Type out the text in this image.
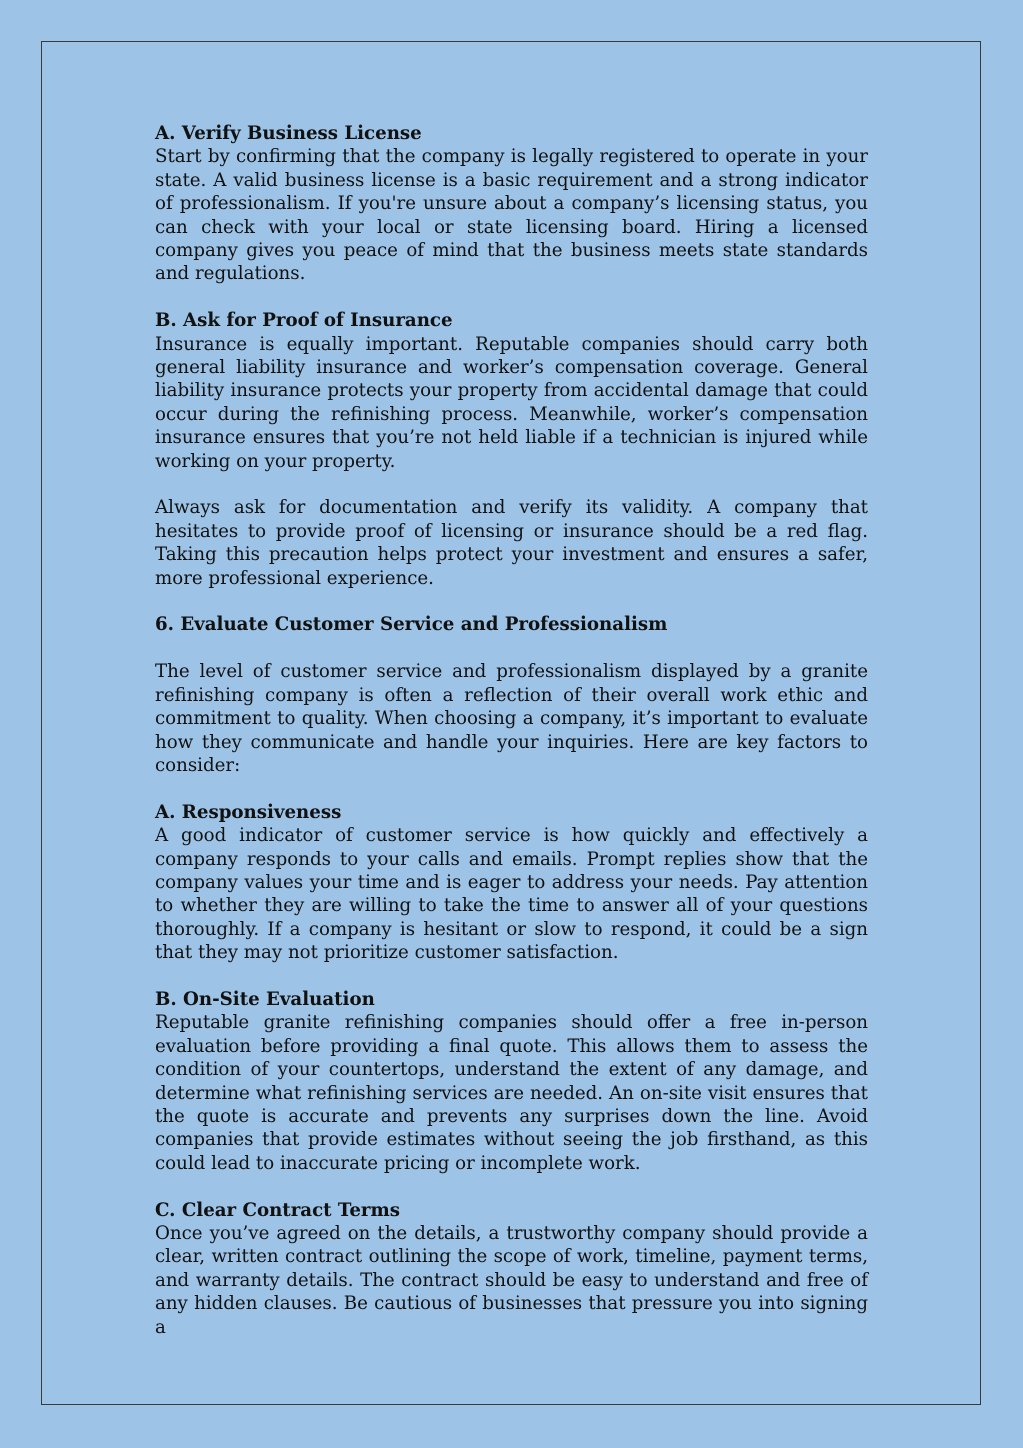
A. Verify Business License

Start by confirming that the company is legally registered to operate in your state. A valid business license is a basic requirement and a strong indicator of professionalism. If you're unsure about a company’s licensing status, you can check with your local or state licensing board. Hiring a licensed company gives you peace of mind that the business meets state standards and regulations.

B. Ask for Proof of Insurance

Insurance is equally important. Reputable companies should carry both general liability insurance and worker’s compensation coverage. General liability insurance protects your property from accidental damage that could occur during the refinishing process. Meanwhile, worker’s compensation insurance ensures that you’re not held liable if a technician is injured while working on your property.

Always ask for documentation and verify its validity. A company that hesitates to provide proof of licensing or insurance should be a red flag. Taking this precaution helps protect your investment and ensures a safer, more professional experience.

6. Evaluate Customer Service and Professionalism

The level of customer service and professionalism displayed by a granite refinishing company is often a reflection of their overall work ethic and commitment to quality. When choosing a company, it’s important to evaluate how they communicate and handle your inquiries. Here are key factors to consider:

A. Responsiveness

A good indicator of customer service is how quickly and effectively a company responds to your calls and emails. Prompt replies show that the company values your time and is eager to address your needs. Pay attention to whether they are willing to take the time to answer all of your questions thoroughly. If a company is hesitant or slow to respond, it could be a sign that they may not prioritize customer satisfaction.

B. On-Site Evaluation

Reputable granite refinishing companies should offer a free in-person evaluation before providing a final quote. This allows them to assess the condition of your countertops, understand the extent of any damage, and determine what refinishing services are needed. An on-site visit ensures that the quote is accurate and prevents any surprises down the line. Avoid companies that provide estimates without seeing the job firsthand, as this could lead to inaccurate pricing or incomplete work.

C. Clear Contract Terms

Once you’ve agreed on the details, a trustworthy company should provide a clear, written contract outlining the scope of work, timeline, payment terms, and warranty details. The contract should be easy to understand and free of any hidden clauses. Be cautious of businesses that pressure you into signing a
